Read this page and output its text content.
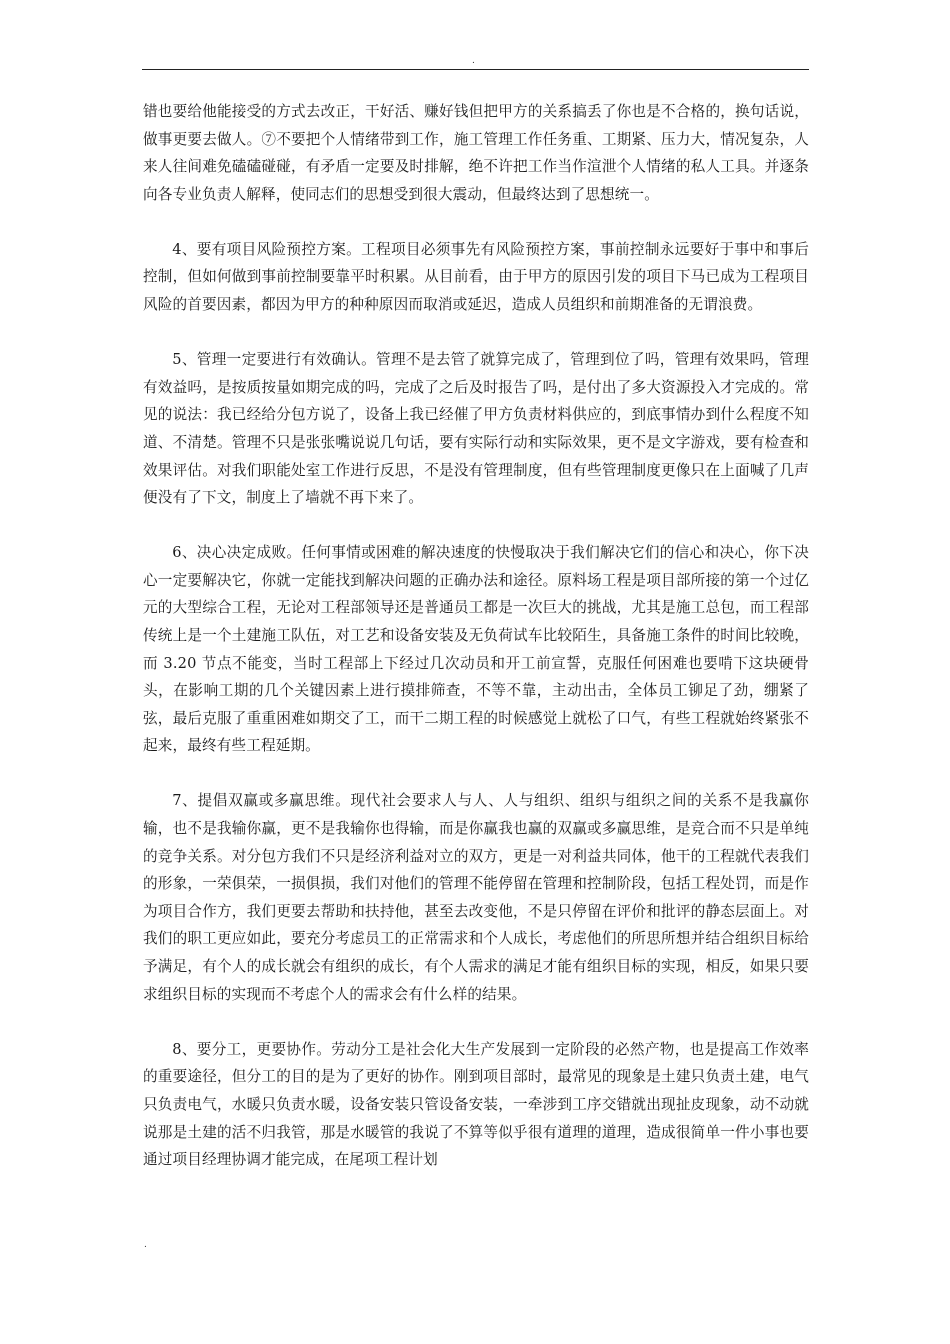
.

错也要给他能接受的方式去改正，干好活、赚好钱但把甲方的关系搞丢了你也是不合格的，换句话说，做事更要去做人。⑦不要把个人情绪带到工作，施工管理工作任务重、工期紧、压力大，情况复杂，人来人往间难免磕磕碰碰，有矛盾一定要及时排解，绝不许把工作当作渲泄个人情绪的私人工具。并逐条向各专业负责人解释，使同志们的思想受到很大震动，但最终达到了思想统一。

4、要有项目风险预控方案。工程项目必须事先有风险预控方案，事前控制永远要好于事中和事后控制，但如何做到事前控制要靠平时积累。从目前看，由于甲方的原因引发的项目下马已成为工程项目风险的首要因素，都因为甲方的种种原因而取消或延迟，造成人员组织和前期准备的无谓浪费。

5、管理一定要进行有效确认。管理不是去管了就算完成了，管理到位了吗，管理有效果吗，管理有效益吗，是按质按量如期完成的吗，完成了之后及时报告了吗，是付出了多大资源投入才完成的。常见的说法：我已经给分包方说了，设备上我已经催了甲方负责材料供应的，到底事情办到什么程度不知道、不清楚。管理不只是张张嘴说说几句话，要有实际行动和实际效果，更不是文字游戏，要有检查和效果评估。对我们职能处室工作进行反思，不是没有管理制度，但有些管理制度更像只在上面喊了几声便没有了下文，制度上了墙就不再下来了。

6、决心决定成败。任何事情或困难的解决速度的快慢取决于我们解决它们的信心和决心，你下决心一定要解决它，你就一定能找到解决问题的正确办法和途径。原料场工程是项目部所接的第一个过亿元的大型综合工程，无论对工程部领导还是普通员工都是一次巨大的挑战，尤其是施工总包，而工程部传统上是一个土建施工队伍，对工艺和设备安装及无负荷试车比较陌生，具备施工条件的时间比较晚，而 3.20 节点不能变，当时工程部上下经过几次动员和开工前宣誓，克服任何困难也要啃下这块硬骨头，在影响工期的几个关键因素上进行摸排筛查，不等不靠，主动出击，全体员工铆足了劲，绷紧了弦，最后克服了重重困难如期交了工，而干二期工程的时候感觉上就松了口气，有些工程就始终紧张不起来，最终有些工程延期。

7、提倡双赢或多赢思维。现代社会要求人与人、人与组织、组织与组织之间的关系不是我赢你输，也不是我输你赢，更不是我输你也得输，而是你赢我也赢的双赢或多赢思维，是竞合而不只是单纯的竞争关系。对分包方我们不只是经济利益对立的双方，更是一对利益共同体，他干的工程就代表我们的形象，一荣俱荣，一损俱损，我们对他们的管理不能停留在管理和控制阶段，包括工程处罚，而是作为项目合作方，我们更要去帮助和扶持他，甚至去改变他，不是只停留在评价和批评的静态层面上。对我们的职工更应如此，要充分考虑员工的正常需求和个人成长，考虑他们的所思所想并结合组织目标给予满足，有个人的成长就会有组织的成长，有个人需求的满足才能有组织目标的实现，相反，如果只要求组织目标的实现而不考虑个人的需求会有什么样的结果。

8、要分工，更要协作。劳动分工是社会化大生产发展到一定阶段的必然产物，也是提高工作效率的重要途径，但分工的目的是为了更好的协作。刚到项目部时，最常见的现象是土建只负责土建，电气只负责电气，水暖只负责水暖，设备安装只管设备安装，一牵涉到工序交错就出现扯皮现象，动不动就说那是土建的活不归我管，那是水暖管的我说了不算等似乎很有道理的道理，造成很简单一件小事也要通过项目经理协调才能完成，在尾项工程计划

.
